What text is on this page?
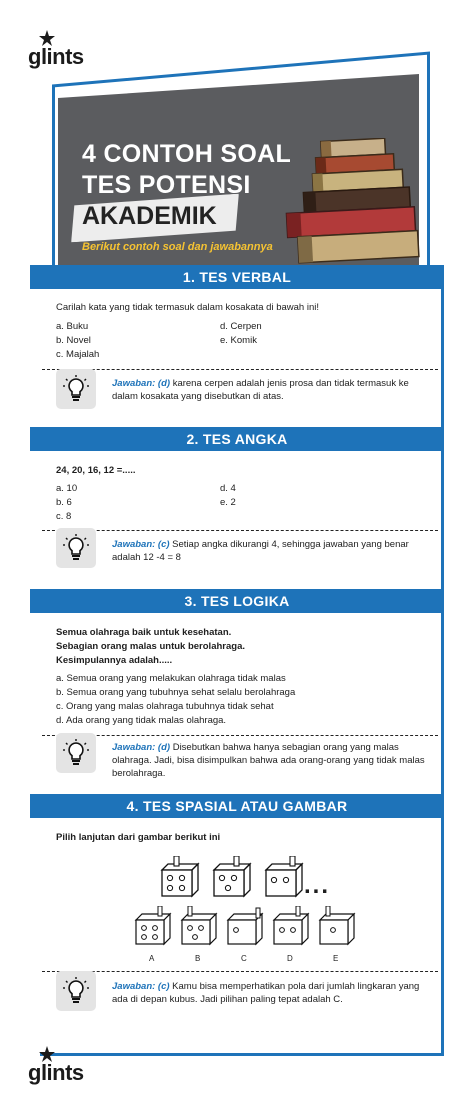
glints
4 CONTOH SOAL
TES POTENSI
AKADEMIK
Berikut contoh soal dan jawabannya
1. TES VERBAL
Carilah kata yang tidak termasuk dalam kosakata di bawah ini!
a. Buku
b. Novel
c. Majalah
d. Cerpen
e. Komik
Jawaban: (d) karena cerpen adalah jenis prosa dan tidak termasuk ke dalam kosakata yang disebutkan di atas.
2. TES ANGKA
24, 20, 16, 12 =.....
a. 10
b. 6
c. 8
d. 4
e. 2
Jawaban: (c) Setiap angka dikurangi 4, sehingga jawaban yang benar adalah 12 -4 = 8
3. TES LOGIKA
Semua olahraga baik untuk kesehatan.
Sebagian orang malas untuk berolahraga.
Kesimpulannya adalah.....
a. Semua orang yang melakukan olahraga tidak malas
b. Semua orang yang tubuhnya sehat selalu berolahraga
c. Orang yang malas olahraga tubuhnya tidak sehat
d. Ada orang yang tidak malas olahraga.
Jawaban: (d) Disebutkan bahwa hanya sebagian orang yang malas olahraga. Jadi, bisa disimpulkan bahwa ada orang-orang yang tidak malas berolahraga.
4. TES SPASIAL ATAU GAMBAR
Pilih lanjutan dari gambar berikut ini
...
A	B	C	D	E
Jawaban: (c) Kamu bisa memperhatikan pola dari jumlah lingkaran yang ada di depan kubus. Jadi pilihan paling tepat adalah C.
glints
